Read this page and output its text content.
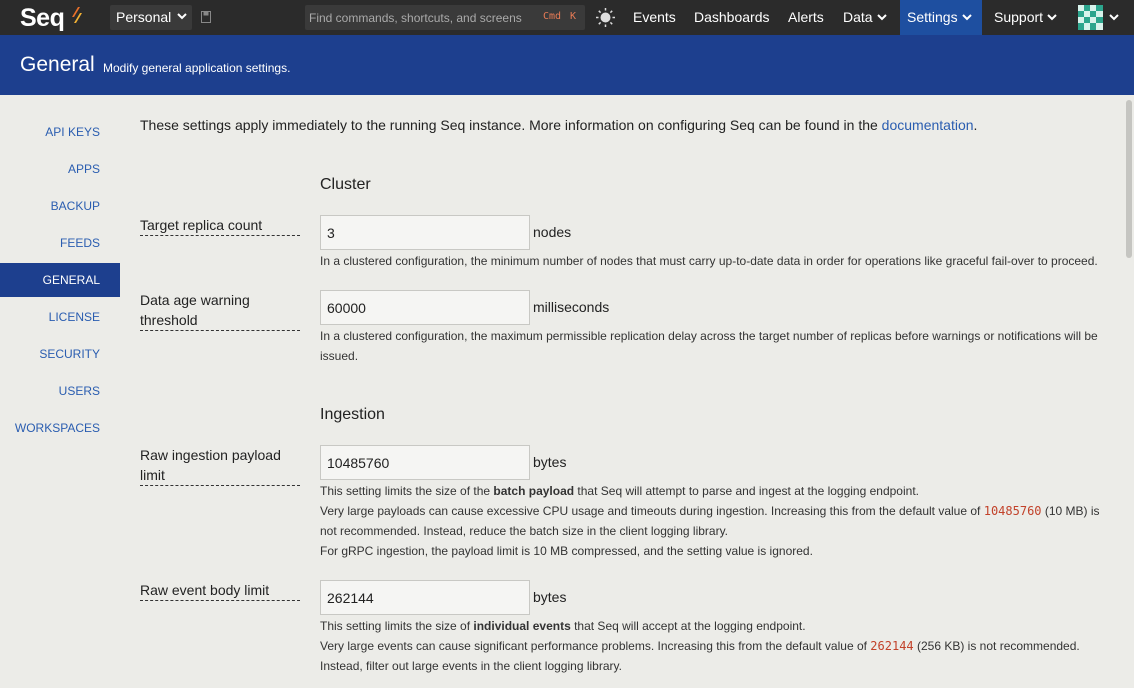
Seq	Personal
Find commands, shortcuts, and screens	Cmd K	Events	Dashboards	Alerts	Data	Settings	Support
General Modify general application settings.
API KEYS
APPS
BACKUP
FEEDS
GENERAL
LICENSE
SECURITY
USERS
WORKSPACES
These settings apply immediately to the running Seq instance. More information on configuring Seq can be found in the documentation.
Cluster
Target replica count
3	nodes
In a clustered configuration, the minimum number of nodes that must carry up-to-date data in order for operations like graceful fail-over to proceed.
Data age warning threshold
60000
milliseconds
In a clustered configuration, the maximum permissible replication delay across the target number of replicas before warnings or notifications will be issued.
Ingestion
Raw ingestion payload limit
10485760
bytes
This setting limits the size of the batch payload that Seq will attempt to parse and ingest at the logging endpoint.
Very large payloads can cause excessive CPU usage and timeouts during ingestion. Increasing this from the default value of 10485760 (10 MB) is
not recommended. Instead, reduce the batch size in the client logging library.
For gRPC ingestion, the payload limit is 10 MB compressed, and the setting value is ignored.
Raw event body limit
262144	bytes
This setting limits the size of individual events that Seq will accept at the logging endpoint.
Very large events can cause significant performance problems. Increasing this from the default value of 262144 (256 KB) is not recommended.
Instead, filter out large events in the client logging library.
